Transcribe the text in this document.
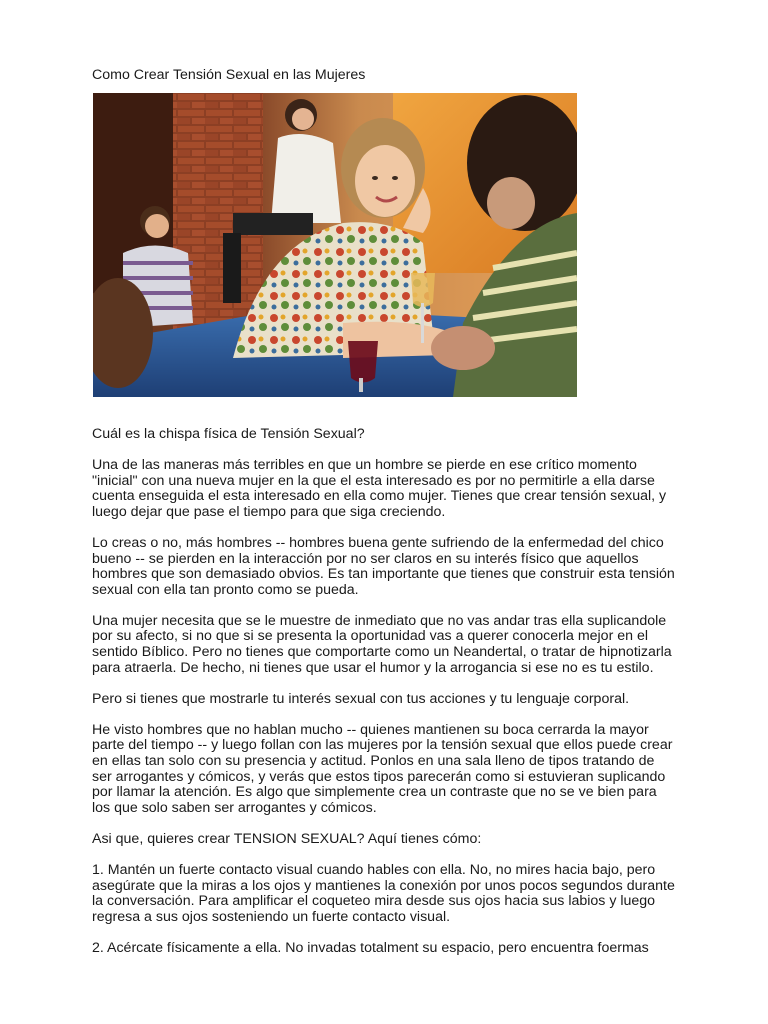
Como Crear Tensión Sexual en las Mujeres

Cuál es la chispa física de Tensión Sexual?

Una de las maneras más terribles en que un hombre se pierde en ese crítico momento
"inicial" con una nueva mujer en la que el esta interesado es por no permitirle a ella darse
cuenta enseguida el esta interesado en ella como mujer. Tienes que crear tensión sexual, y
luego dejar que pase el tiempo para que siga creciendo.

Lo creas o no, más hombres -- hombres buena gente sufriendo de la enfermedad del chico
bueno -- se pierden en la interacción por no ser claros en su interés físico que aquellos
hombres que son demasiado obvios. Es tan importante que tienes que construir esta tensión
sexual con ella tan pronto como se pueda.

Una mujer necesita que se le muestre de inmediato que no vas andar tras ella suplicandole
por su afecto, si no que si se presenta la oportunidad vas a querer conocerla mejor en el
sentido Bíblico. Pero no tienes que comportarte como un Neandertal, o tratar de hipnotizarla
para atraerla. De hecho, ni tienes que usar el humor y la arrogancia si ese no es tu estilo.

Pero si tienes que mostrarle tu interés sexual con tus acciones y tu lenguaje corporal.

He visto hombres que no hablan mucho -- quienes mantienen su boca cerrarda la mayor
parte del tiempo -- y luego follan con las mujeres por la tensión sexual que ellos puede crear
en ellas tan solo con su presencia y actitud. Ponlos en una sala lleno de tipos tratando de
ser arrogantes y cómicos, y verás que estos tipos parecerán como si estuvieran suplicando
por llamar la atención. Es algo que simplemente crea un contraste que no se ve bien para
los que solo saben ser arrogantes y cómicos.

Asi que, quieres crear TENSION SEXUAL? Aquí tienes cómo:

1. Mantén un fuerte contacto visual cuando hables con ella. No, no mires hacia bajo, pero
asegúrate que la miras a los ojos y mantienes la conexión por unos pocos segundos durante
la conversación. Para amplificar el coqueteo mira desde sus ojos hacia sus labios y luego
regresa a sus ojos sosteniendo un fuerte contacto visual.

2. Acércate físicamente a ella. No invadas totalment su espacio, pero encuentra foermas
